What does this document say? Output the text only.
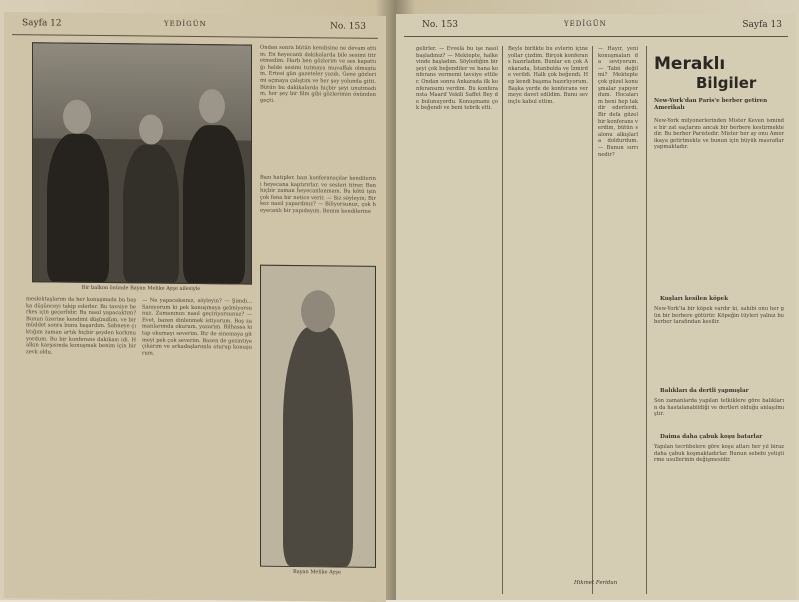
Sayfa 12	YEDİGÜN	No. 153
Bir balkon önünde Bayan Melike Ayşe ailesiyle
Ondan sonra bütün kendisine ne devam ettim. En heyecanlı dakikalarda bile sesimi titretmedim. Harb ben gözlerim ve ses kapattığı halde sesimi tutmaya muvaffak olmuştum. Ertesi gün gazeteler yazdı. Gene gözlerimi açmaya çalıştım ve her şey yolunda gitti. Bütün bu dakikalarda hiçbir şeyi unutmadım, her şey bir film gibi gözlerimin önünden geçti.
Bazı hatipler, bazı konferansçılar kendilerini heyecana kaptırırlar, ve sesleri titrer. Ben hiçbir zaman heyecanlanmam. Bu kötü işin çok fena bir netice verir. — Siz söyleyin; Bir kez nasıl yapardınız? — Biliyorsunuz, çok heyecanlı bir yapıdayım. Benim kendilerine
meslektaşlarım da her konuşmada bu başka düşünceyi takip ederler. Bu tavsiye herkes için geçerlidir. Bu nasıl yapacaktım? Bunun üzerine kendimi düşündüm, ve bir müddet sonra bunu başardım. Sahneye çıktığım zaman artık hiçbir şeyden korkmuyordum. Bu bir konferans dakikası idi. Halkın karşısında konuşmak benim için bir zevk oldu.
— Ne yapacaksınız, söyleyin? — Şimdi... Sanıyorum ki pek konuşmaya gelmiyorsunuz. Zamanınızı nasıl geçiriyorsunuz? — Evet, bazen dinlenmek istiyorum. Boş zamanlarımda okurum, yazarım. Bilhassa kitap okumayı severim. Bir de sinemaya gitmeyi pek çok severim. Bazen de gezintiye çıkarım ve arkadaşlarımla oturup konuşurum.
Bayan Melike Ayşe
No. 153	YEDİGÜN	Sayfa 13
gelirler. — Evvelâ bu işe nasıl başladınız? — Mektepte, halkevinde başladım. Söylediğim bir şeyi çok beğendiler ve bana konferans vermemi tavsiye ettiler. Ondan sonra Ankarada ilk konferansımı verdim. Bu konferansta Maarif Vekili Saffet Bey de bulunuyordu. Konuşmamı çok beğendi ve beni tebrik etti.
Beyle birlikte bu evlerin içine yollar çizdim. Birçok konferans hazırladım. Bunlar en çok Ankarada, İstanbulda ve İzmirde verildi. Halk çok beğendi. Hep kendi başıma hazırlıyorum. Başka yerde de konferans vermeye davet edildim. Bunu sevinçle kabul ettim.
— Hayır, yeni konuşmaları da seviyorum. — Tabii değil mi? Mektepte çok güzel konuşmalar yapıyordum. Hocalarım beni hep takdir ederlerdi. Bir defa güzel bir konferans verdim, bütün salonu alkışlarla doldurdum. — Bunun sırrı nedir?
Hikmet Feridun
Meraklı
Bilgiler
New-York'dan Paris'e berber getiren Amerikalı
New-York milyonerlerinden Mister Keven isminde bir zat saçlarını ancak bir berbere kestirmektedir. Bu berber Paristedir. Mister her ay onu Amerikaya getirtmekte ve bunun için büyük masraflar yapmaktadır.
Kuşları kesilen köpek
New-York'ta bir köpek vardır ki, sahibi onu her gün bir berbere götürür. Köpeğin tüyleri yalnız bu berber tarafından kesilir.
Balıkları da dertli yapmışlar
Son zamanlarda yapılan tetkiklere göre balıkların da hastalanabildiği ve dertleri olduğu anlaşılmıştır.
Daima daha çabuk koşu batarlar
Yapılan tecrübelere göre koşu atları her yıl biraz daha çabuk koşmaktadırlar. Bunun sebebi yetiştirme usullerinin değişmesidir.
